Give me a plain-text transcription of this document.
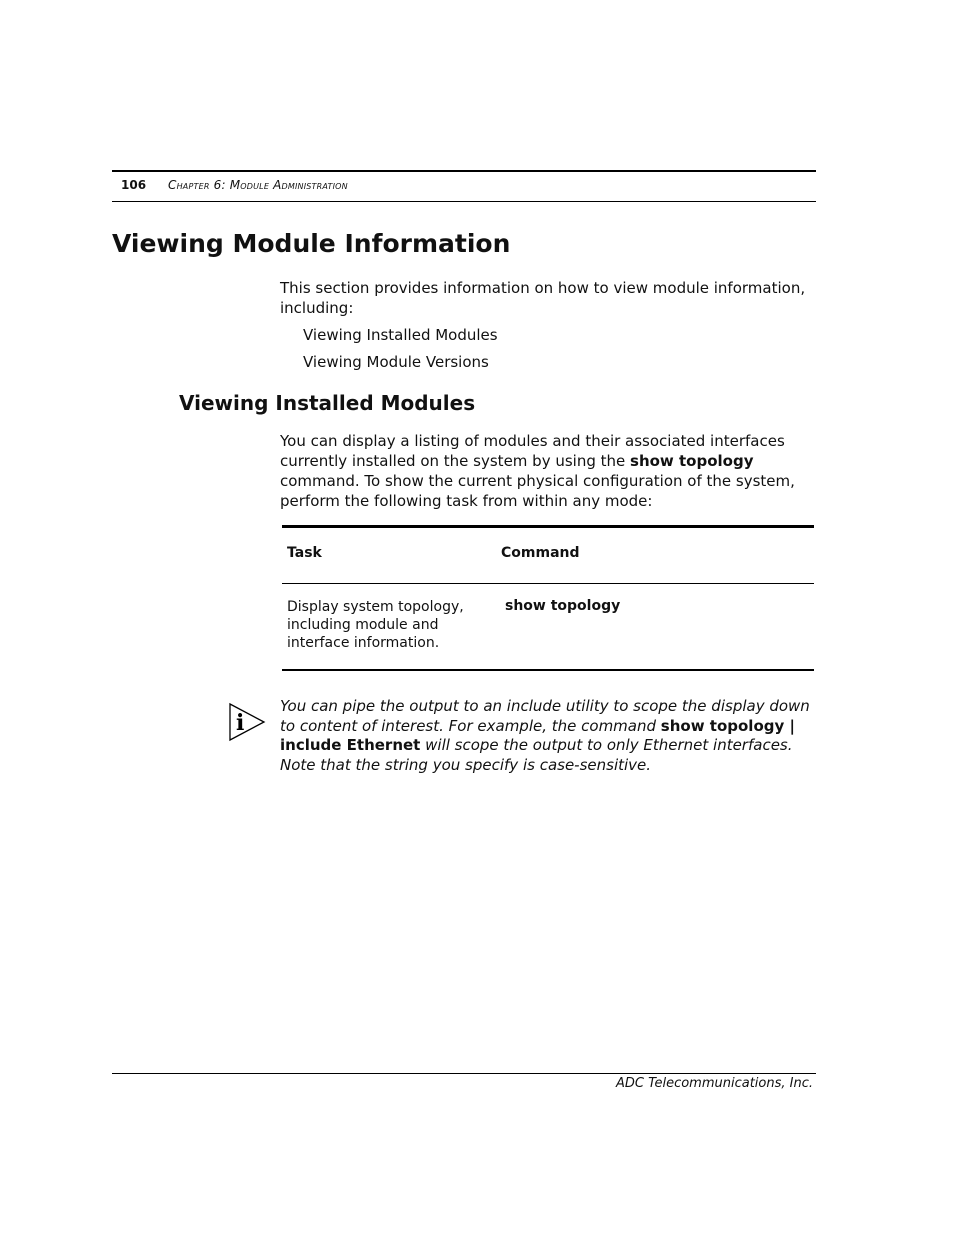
106 Chapter 6: Module Administration
Viewing Module Information

This section provides information on how to view module information, including:

Viewing Installed Modules
Viewing Module Versions
Viewing Installed Modules

You can display a listing of modules and their associated interfaces currently installed on the system by using the show topology command. To show the current physical configuration of the system, perform the following task from within any mode:

Task	Command

Display system topology, including module and interface information.

show topology
i

You can pipe the output to an include utility to scope the display down to content of interest. For example, the command show topology | include Ethernet will scope the output to only Ethernet interfaces. Note that the string you specify is case-sensitive.

ADC Telecommunications, Inc.
